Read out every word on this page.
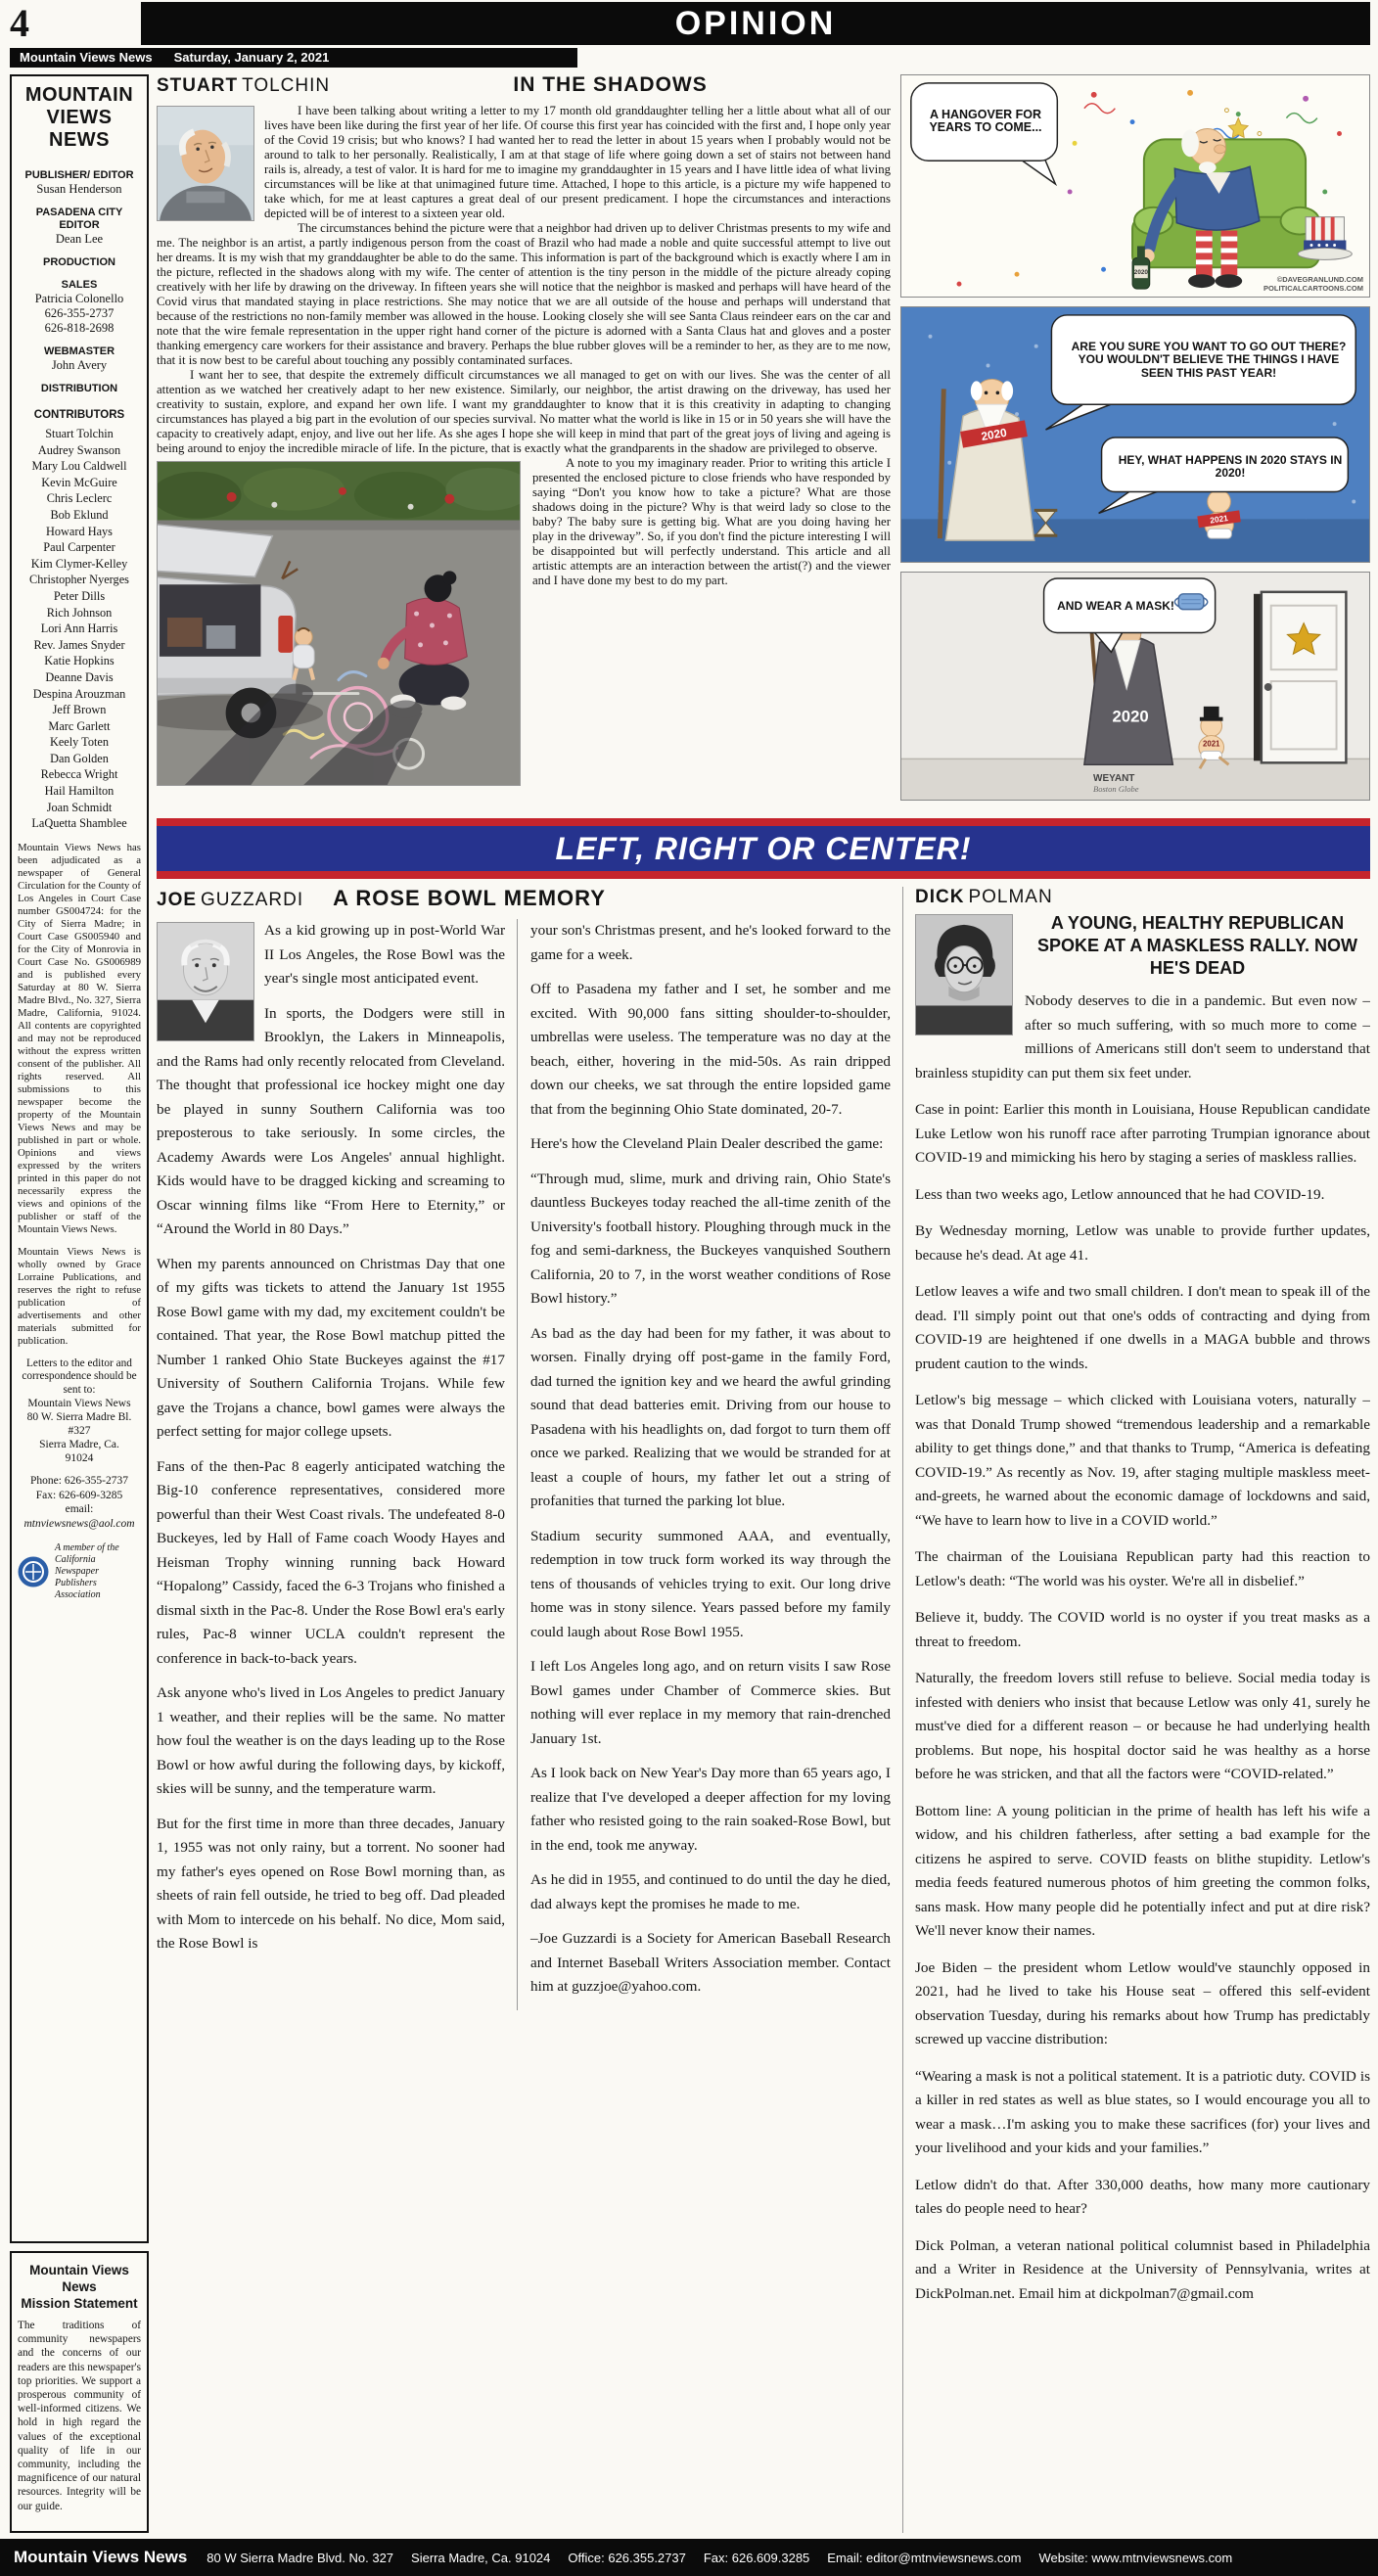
4	OPINION
Mountain Views News Saturday, January 2, 2021
MOUNTAIN
VIEWS
NEWS
PUBLISHER/ EDITOR
Susan Henderson
PASADENA CITY EDITOR
Dean Lee
PRODUCTION
SALES
Patricia Colonello
626-355-2737
626-818-2698
WEBMASTER
John Avery
DISTRIBUTION
CONTRIBUTORS
Stuart Tolchin
Audrey Swanson
Mary Lou Caldwell
Kevin McGuire
Chris Leclerc
Bob Eklund
Howard Hays
Paul Carpenter
Kim Clymer-Kelley
Christopher Nyerges
Peter Dills
Rich Johnson
Lori Ann Harris
Rev. James Snyder
Katie Hopkins
Deanne Davis
Despina Arouzman
Jeff Brown
Marc Garlett
Keely Toten
Dan Golden
Rebecca Wright
Hail Hamilton
Joan Schmidt
LaQuetta Shamblee

Mountain Views News has been adjudicated as a newspaper of General Circulation for the County of Los Angeles in Court Case number GS004724: for the City of Sierra Madre; in Court Case GS005940 and for the City of Monrovia in Court Case No. GS006989 and is published every Saturday at 80 W. Sierra Madre Blvd., No. 327, Sierra Madre, California, 91024. All contents are copyrighted and may not be reproduced without the express written consent of the publisher. All rights reserved. All submissions to this newspaper become the property of the Mountain Views News and may be published in part or whole. Opinions and views expressed by the writers printed in this paper do not necessarily express the views and opinions of the publisher or staff of the Mountain Views News.

Mountain Views News is wholly owned by Grace Lorraine Publications, and reserves the right to refuse publication of advertisements and other materials submitted for publication.

Letters to the editor and correspondence should be sent to:

Mountain Views News
80 W. Sierra Madre Bl. #327
Sierra Madre, Ca.
91024
Phone: 626-355-2737
Fax: 626-609-3285
email:
mtnviewsnews@aol.com
A member of the California Newspaper Publishers Association
Mountain Views News
Mission Statement

The traditions of community newspapers and the concerns of our readers are this newspaper's top priorities. We support a prosperous community of well-informed citizens. We hold in high regard the values of the exceptional quality of life in our community, including the magnificence of our natural resources. Integrity will be our guide.

STUART TOLCHIN	IN THE SHADOWS

I have been talking about writing a letter to my 17 month old granddaughter telling her a little about what all of our lives have been like during the first year of her life. Of course this first year has coincided with the first and, I hope only year of the Covid 19 crisis; but who knows? I had wanted her to read the letter in about 15 years when I probably would not be around to talk to her personally. Realistically, I am at that stage of life where going down a set of stairs not between hand rails is, already, a test of valor. It is hard for me to imagine my granddaughter in 15 years and I have little idea of what living circumstances will be like at that unimagined future time. Attached, I hope to this article, is a picture my wife happened to take which, for me at least captures a great deal of our present predicament. I hope the circumstances and interactions depicted will be of interest to a sixteen year old.

The circumstances behind the picture were that a neighbor had driven up to deliver Christmas presents to my wife and me. The neighbor is an artist, a partly indigenous person from the coast of Brazil who had made a noble and quite successful attempt to live out her dreams. It is my wish that my granddaughter be able to do the same. This information is part of the background which is exactly where I am in the picture, reflected in the shadows along with my wife. The center of attention is the tiny person in the middle of the picture already coping creatively with her life by drawing on the driveway. In fifteen years she will notice that the neighbor is masked and perhaps will have heard of the Covid virus that mandated staying in place restrictions. She may notice that we are all outside of the house and perhaps will understand that because of the restrictions no non-family member was allowed in the house. Looking closely she will see Santa Claus reindeer ears on the car and note that the wire female representation in the upper right hand corner of the picture is adorned with a Santa Claus hat and gloves and a poster thanking emergency care workers for their assistance and bravery. Perhaps the blue rubber gloves will be a reminder to her, as they are to me now, that it is now best to be careful about touching any possibly contaminated surfaces.

I want her to see, that despite the extremely difficult circumstances we all managed to get on with our lives. She was the center of all attention as we watched her creatively adapt to her new existence. Similarly, our neighbor, the artist drawing on the driveway, has used her creativity to sustain, explore, and expand her own life. I want my granddaughter to know that it is this creativity in adapting to changing circumstances has played a big part in the evolution of our species survival. No matter what the world is like in 15 or in 50 years she will have the capacity to creatively adapt, enjoy, and live out her life. As she ages I hope she will keep in mind that part of the great joys of living and ageing is being around to enjoy the incredible miracle of life. In the picture, that is exactly what the grandparents in the shadow are privileged to observe.

A note to you my imaginary reader. Prior to writing this article I presented the enclosed picture to close friends who have responded by saying “Don't you know how to take a picture? What are those shadows doing in the picture? Why is that weird lady so close to the baby? The baby sure is getting big. What are you doing having her play in the driveway”. So, if you don't find the picture interesting I will be disappointed but will perfectly understand. This article and all artistic attempts are an interaction between the artist(?) and the viewer and I have done my best to do my part.

2020
A HANGOVER FOR YEARS TO COME...
©DAVEGRANLUND.COM POLITICALCARTOONS.COM
2020
2021
ARE YOU SURE YOU WANT TO GO OUT THERE? YOU WOULDN'T BELIEVE THE THINGS I HAVE SEEN THIS PAST YEAR!
HEY, WHAT HAPPENS IN 2020 STAYS IN 2020!
2020
2021
AND WEAR A MASK!
WEYANT
Boston Globe
LEFT, RIGHT OR CENTER!
JOE GUZZARDI A ROSE BOWL MEMORY

As a kid growing up in post-World War II Los Angeles, the Rose Bowl was the year's single most anticipated event.

In sports, the Dodgers were still in Brooklyn, the Lakers in Minneapolis, and the Rams had only recently relocated from Cleveland. The thought that professional ice hockey might one day be played in sunny Southern California was too preposterous to take seriously. In some circles, the Academy Awards were Los Angeles' annual highlight. Kids would have to be dragged kicking and screaming to Oscar winning films like “From Here to Eternity,” or “Around the World in 80 Days.”

When my parents announced on Christmas Day that one of my gifts was tickets to attend the January 1st 1955 Rose Bowl game with my dad, my excitement couldn't be contained. That year, the Rose Bowl matchup pitted the Number 1 ranked Ohio State Buckeyes against the #17 University of Southern California Trojans. While few gave the Trojans a chance, bowl games were always the perfect setting for major college upsets.

Fans of the then-Pac 8 eagerly anticipated watching the Big-10 conference representatives, considered more powerful than their West Coast rivals. The undefeated 8-0 Buckeyes, led by Hall of Fame coach Woody Hayes and Heisman Trophy winning running back Howard “Hopalong” Cassidy, faced the 6-3 Trojans who finished a dismal sixth in the Pac-8. Under the Rose Bowl era's early rules, Pac-8 winner UCLA couldn't represent the conference in back-to-back years.

Ask anyone who's lived in Los Angeles to predict January 1 weather, and their replies will be the same. No matter how foul the weather is on the days leading up to the Rose Bowl or how awful during the following days, by kickoff, skies will be sunny, and the temperature warm.

But for the first time in more than three decades, January 1, 1955 was not only rainy, but a torrent. No sooner had my father's eyes opened on Rose Bowl morning than, as sheets of rain fell outside, he tried to beg off. Dad pleaded with Mom to intercede on his behalf. No dice, Mom said, the Rose Bowl is

your son's Christmas present, and he's looked forward to the game for a week.

Off to Pasadena my father and I set, he somber and me excited. With 90,000 fans sitting shoulder-to-shoulder, umbrellas were useless. The temperature was no day at the beach, either, hovering in the mid-50s. As rain dripped down our cheeks, we sat through the entire lopsided game that from the beginning Ohio State dominated, 20-7.

Here's how the Cleveland Plain Dealer described the game:

“Through mud, slime, murk and driving rain, Ohio State's dauntless Buckeyes today reached the all-time zenith of the University's football history. Ploughing through muck in the fog and semi-darkness, the Buckeyes vanquished Southern California, 20 to 7, in the worst weather conditions of Rose Bowl history.”

As bad as the day had been for my father, it was about to worsen. Finally drying off post-game in the family Ford, dad turned the ignition key and we heard the awful grinding sound that dead batteries emit. Driving from our house to Pasadena with his headlights on, dad forgot to turn them off once we parked. Realizing that we would be stranded for at least a couple of hours, my father let out a string of profanities that turned the parking lot blue.

Stadium security summoned AAA, and eventually, redemption in tow truck form worked its way through the tens of thousands of vehicles trying to exit. Our long drive home was in stony silence. Years passed before my family could laugh about Rose Bowl 1955.

I left Los Angeles long ago, and on return visits I saw Rose Bowl games under Chamber of Commerce skies. But nothing will ever replace in my memory that rain-drenched January 1st.

As I look back on New Year's Day more than 65 years ago, I realize that I've developed a deeper affection for my loving father who resisted going to the rain soaked-Rose Bowl, but in the end, took me anyway.

As he did in 1955, and continued to do until the day he died, dad always kept the promises he made to me.

–Joe Guzzardi is a Society for American Baseball Research and Internet Baseball Writers Association member. Contact him at guzzjoe@yahoo.com.

DICK POLMAN
A YOUNG, HEALTHY REPUBLICAN SPOKE AT A MASKLESS RALLY. NOW HE'S DEAD

Nobody deserves to die in a pandemic. But even now – after so much suffering, with so much more to come – millions of Americans still don't seem to understand that brainless stupidity can put them six feet under.

Case in point: Earlier this month in Louisiana, House Republican candidate Luke Letlow won his runoff race after parroting Trumpian ignorance about COVID-19 and mimicking his hero by staging a series of maskless rallies.

Less than two weeks ago, Letlow announced that he had COVID-19.

By Wednesday morning, Letlow was unable to provide further updates, because he's dead. At age 41.

Letlow leaves a wife and two small children. I don't mean to speak ill of the dead. I'll simply point out that one's odds of contracting and dying from COVID-19 are heightened if one dwells in a MAGA bubble and throws prudent caution to the winds.

Letlow's big message – which clicked with Louisiana voters, naturally – was that Donald Trump showed “tremendous leadership and a remarkable ability to get things done,” and that thanks to Trump, “America is defeating COVID-19.” As recently as Nov. 19, after staging multiple maskless meet-and-greets, he warned about the economic damage of lockdowns and said, “We have to learn how to live in a COVID world.”

The chairman of the Louisiana Republican party had this reaction to Letlow's death: “The world was his oyster. We're all in disbelief.”

Believe it, buddy. The COVID world is no oyster if you treat masks as a threat to freedom.

Naturally, the freedom lovers still refuse to believe. Social media today is infested with deniers who insist that because Letlow was only 41, surely he must've died for a different reason – or because he had underlying health problems. But nope, his hospital doctor said he was healthy as a horse before he was stricken, and that all the factors were “COVID-related.”

Bottom line: A young politician in the prime of health has left his wife a widow, and his children fatherless, after setting a bad example for the citizens he aspired to serve. COVID feasts on blithe stupidity. Letlow's media feeds featured numerous photos of him greeting the common folks, sans mask. How many people did he potentially infect and put at dire risk? We'll never know their names.

Joe Biden – the president whom Letlow would've staunchly opposed in 2021, had he lived to take his House seat – offered this self-evident observation Tuesday, during his remarks about how Trump has predictably screwed up vaccine distribution:

“Wearing a mask is not a political statement. It is a patriotic duty. COVID is a killer in red states as well as blue states, so I would encourage you all to wear a mask…I'm asking you to make these sacrifices (for) your lives and your livelihood and your kids and your families.”

Letlow didn't do that. After 330,000 deaths, how many more cautionary tales do people need to hear?

Dick Polman, a veteran national political columnist based in Philadelphia and a Writer in Residence at the University of Pennsylvania, writes at DickPolman.net. Email him at dickpolman7@gmail.com

Mountain Views News 80 W Sierra Madre Blvd. No. 327 Sierra Madre, Ca. 91024 Office: 626.355.2737 Fax: 626.609.3285 Email: editor@mtnviewsnews.com Website: www.mtnviewsnews.com
